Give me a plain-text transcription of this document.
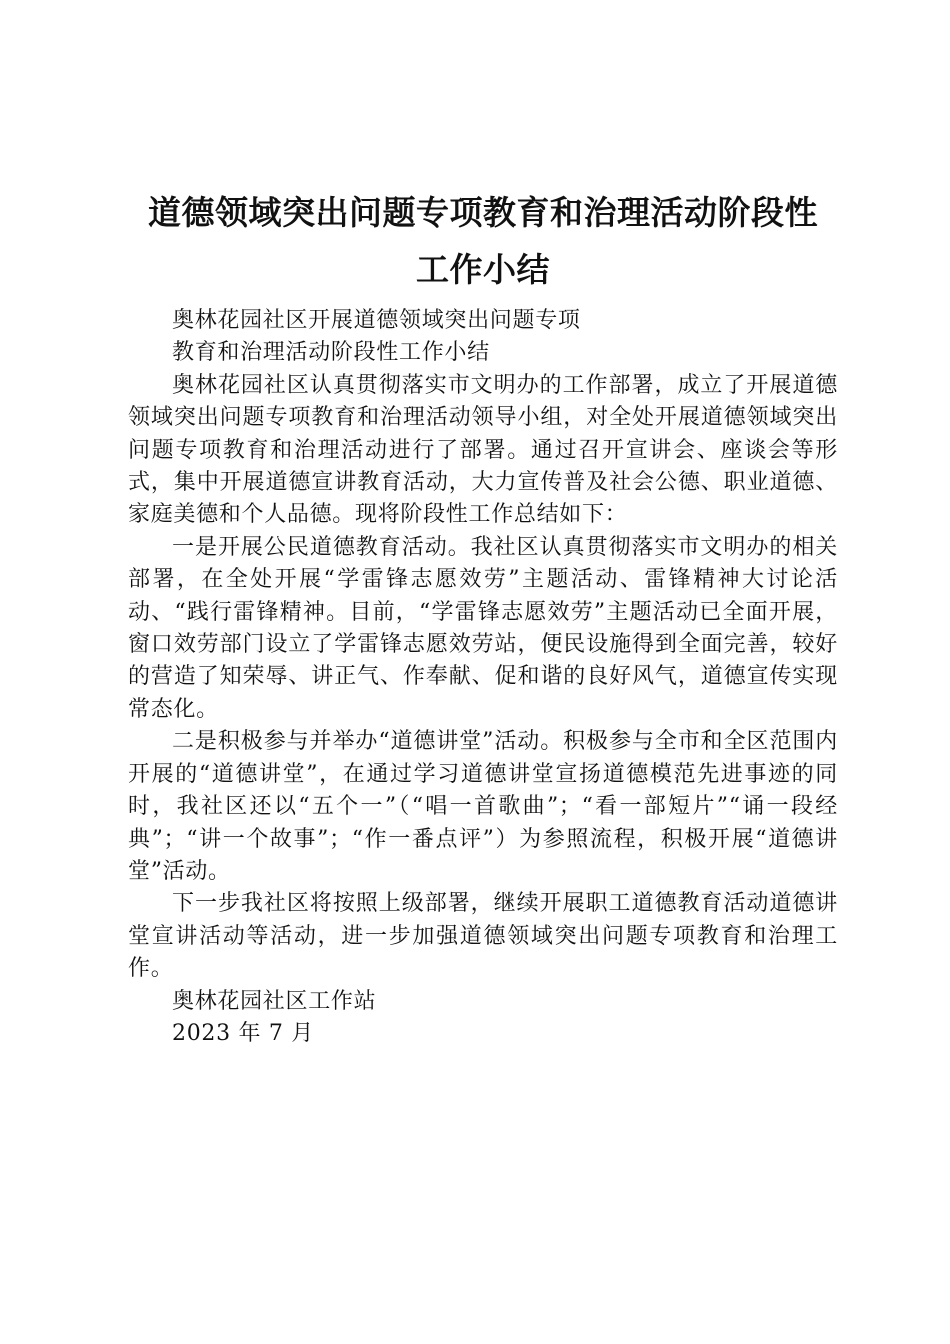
道德领域突出问题专项教育和治理活动阶段性
工作小结

奥林花园社区开展道德领域突出问题专项

教育和治理活动阶段性工作小结

奥林花园社区认真贯彻落实市文明办的工作部署，成立了开展道德领域突出问题专项教育和治理活动领导小组，对全处开展道德领域突出问题专项教育和治理活动进行了部署。通过召开宣讲会、座谈会等形式，集中开展道德宣讲教育活动，大力宣传普及社会公德、职业道德、家庭美德和个人品德。现将阶段性工作总结如下：

一是开展公民道德教育活动。我社区认真贯彻落实市文明办的相关部署，在全处开展“学雷锋志愿效劳”主题活动、雷锋精神大讨论活动、“践行雷锋精神。目前，“学雷锋志愿效劳”主题活动已全面开展，窗口效劳部门设立了学雷锋志愿效劳站，便民设施得到全面完善，较好的营造了知荣辱、讲正气、作奉献、促和谐的良好风气，道德宣传实现常态化。

二是积极参与并举办“道德讲堂”活动。积极参与全市和全区范围内开展的“道德讲堂”，在通过学习道德讲堂宣扬道德模范先进事迹的同时，我社区还以“五个一”（“唱一首歌曲”；“看一部短片”“诵一段经典”；“讲一个故事”；“作一番点评”）为参照流程，积极开展“道德讲堂”活动。

下一步我社区将按照上级部署，继续开展职工道德教育活动道德讲堂宣讲活动等活动，进一步加强道德领域突出问题专项教育和治理工作。

奥林花园社区工作站

2023 年 7 月
